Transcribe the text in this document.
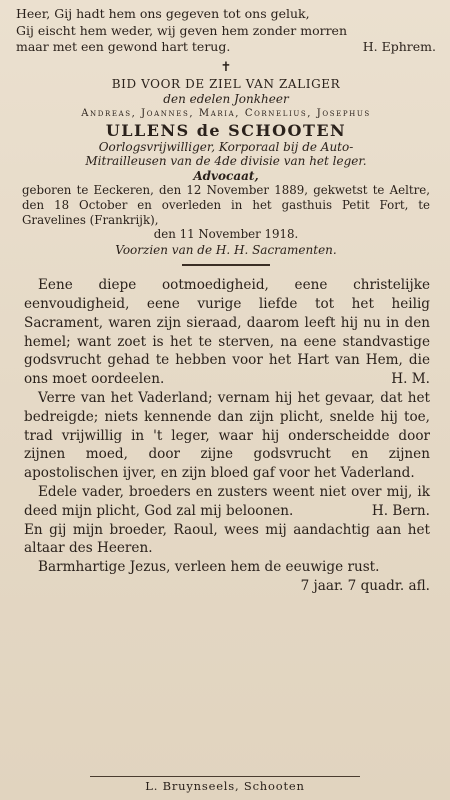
Heer, Gij hadt hem ons gegeven tot ons geluk,
Gij eischt hem weder, wij geven hem zonder morren
maar met een gewond hart terug.	H. Ephrem.
✝
BID VOOR DE ZIEL VAN ZALIGER
den edelen Jonkheer
Andreas, Joannes, Maria, Cornelius, Josephus
ULLENS de SCHOOTEN
Oorlogsvrijwilliger, Korporaal bij de Auto-
Mitrailleusen van de 4de divisie van het leger.
Advocaat,
geboren te Eeckeren, den 12 November 1889, gekwetst te Aeltre, den 18 October en overleden in het gasthuis Petit Fort, te Gravelines (Frankrijk),
den 11 November 1918.
Voorzien van de H. H. Sacramenten.

Eene diepe ootmoedigheid, eene christelijke eenvoudigheid, eene vurige liefde tot het heilig Sacrament, waren zijn sieraad, daarom leeft hij nu in den hemel; want zoet is het te sterven, na eene standvastige godsvrucht gehad te hebben voor het Hart van Hem, die ons moet oordeelen.	H. M.

Verre van het Vaderland; vernam hij het gevaar, dat het bedreigde; niets kennende dan zijn plicht, snelde hij toe, trad vrijwillig in 't leger, waar hij onderscheidde door zijnen moed, door zijne godsvrucht en zijnen apostolischen ijver, en zijn bloed gaf voor het Vaderland.

Edele vader, broeders en zusters weent niet over mij, ik deed mijn plicht, God zal mij beloonen.	H. Bern.

En gij mijn broeder, Raoul, wees mij aandachtig aan het altaar des Heeren.

Barmhartige Jezus, verleen hem de eeuwige rust.
7 jaar. 7 quadr. afl.

L. Bruynseels, Schooten
